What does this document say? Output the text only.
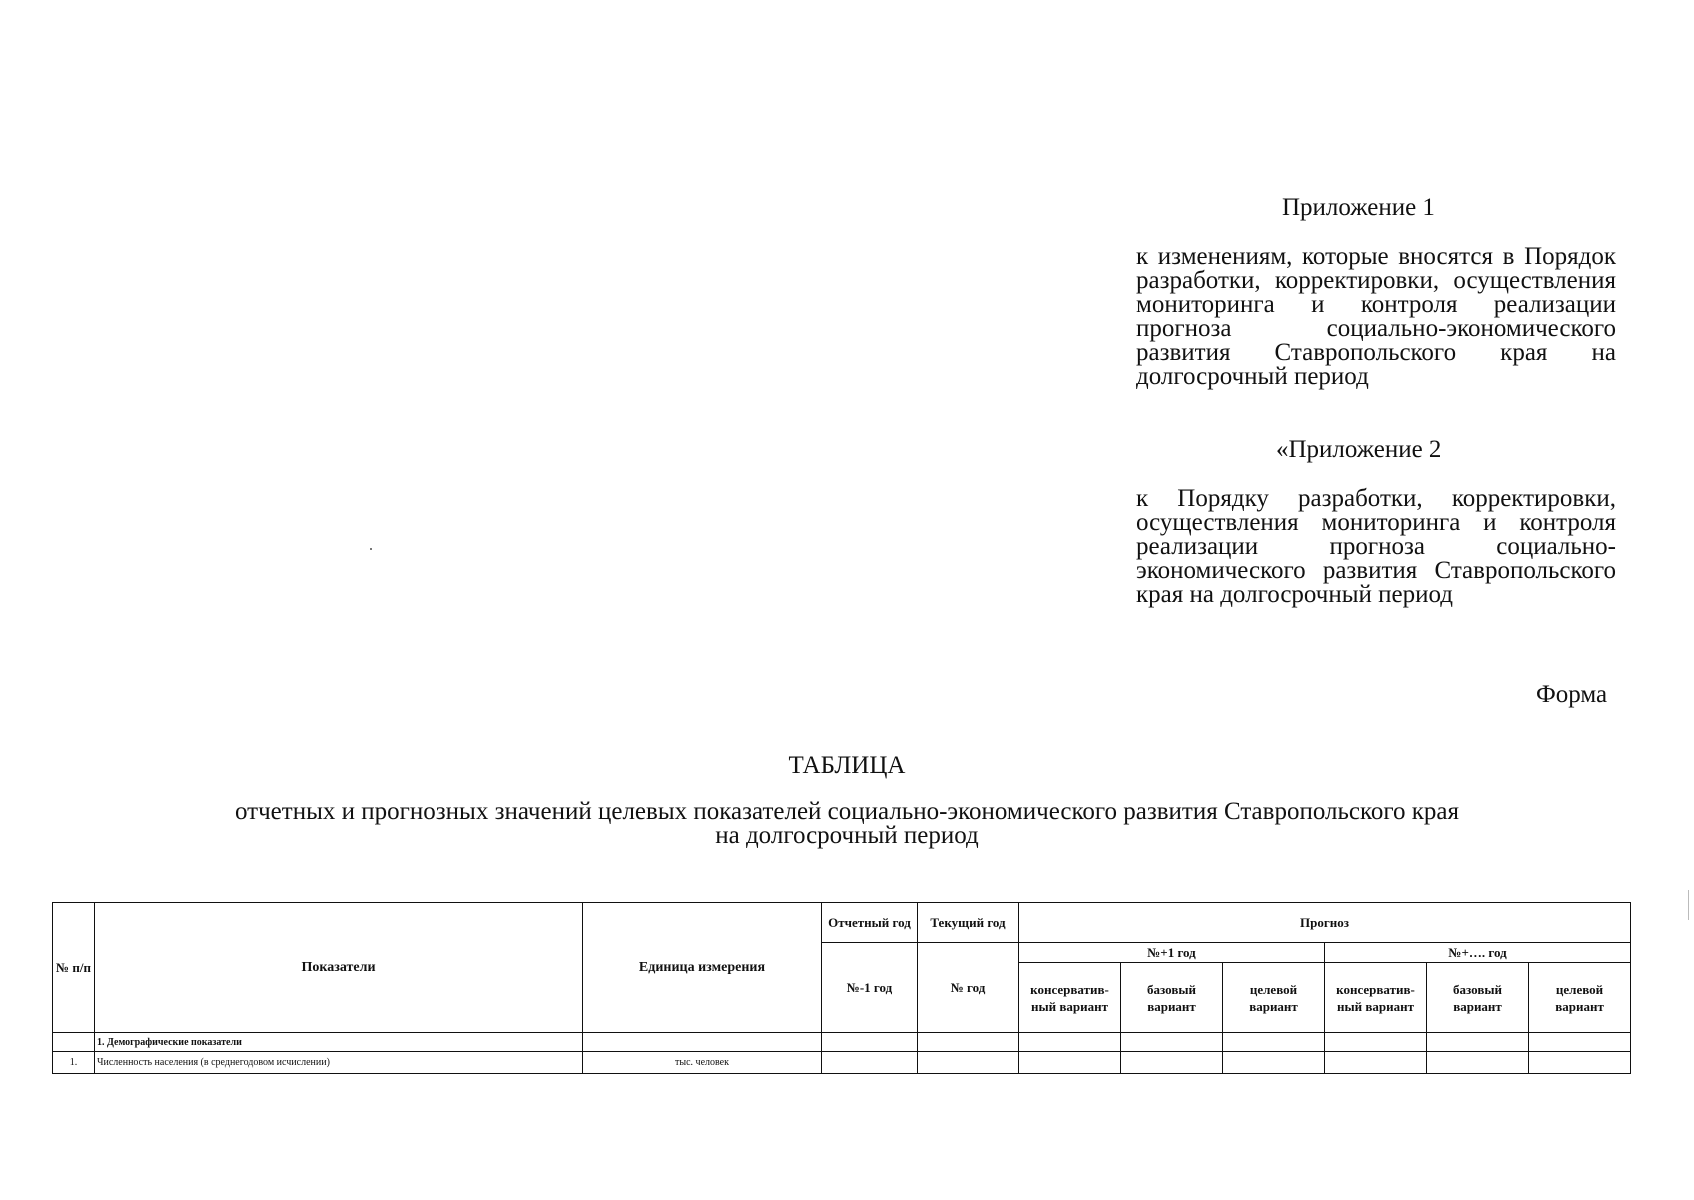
Приложение 1
к изменениям, которые вносятся в Порядок разработки, корректировки, осуществления мониторинга и контроля реализации прогноза социально-экономического развития Ставропольского края на долгосрочный период
«Приложение 2
к Порядку разработки, корректировки, осуществления мониторинга и контроля реализации прогноза социально-экономического развития Ставропольского края на долгосрочный период
Форма
ТАБЛИЦА
отчетных и прогнозных значений целевых показателей социально-экономического развития Ставропольского края
на долгосрочный период
№ п/п	Показатели	Единица измерения	Отчетный год	Текущий год	Прогноз					
			№-1 год	№ год	№+1 год			№+…. год		
					консервативный вариант	базовый вариант	целевой вариант	консервативный вариант	базовый вариант	целевой вариант
	1. Демографические показатели									
1.	Численность населения (в среднегодовом исчислении)	тыс. человек								
